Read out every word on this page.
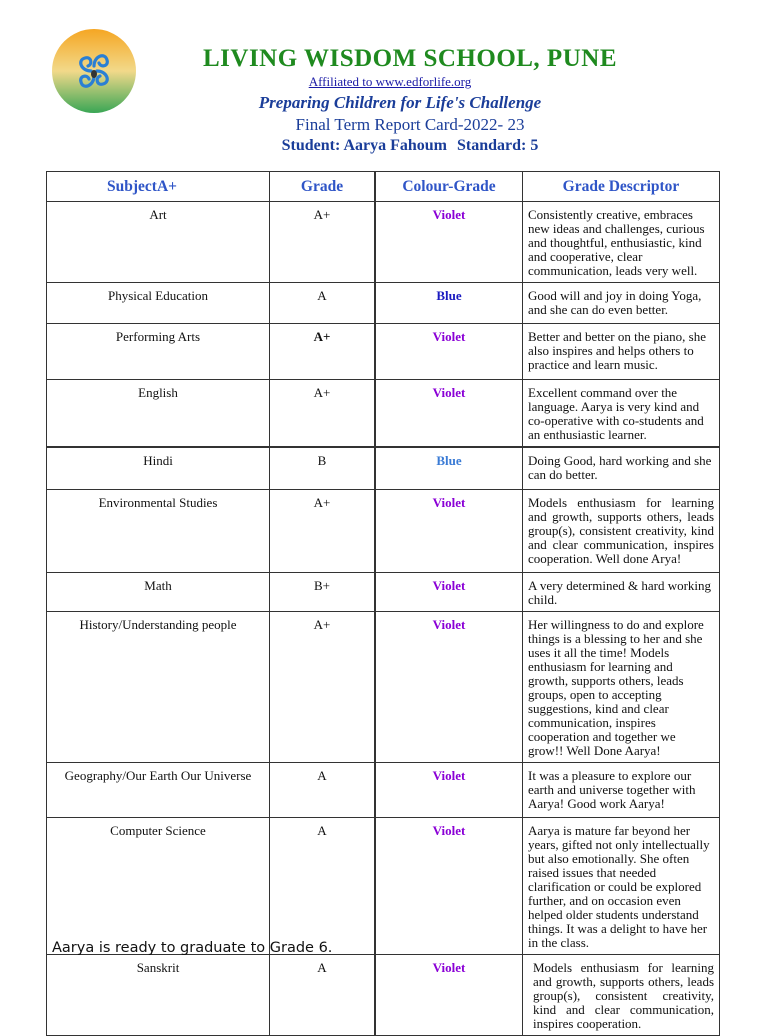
LIVING WISDOM SCHOOL, PUNE
Affiliated to www.edforlife.org
Preparing Children for Life's Challenge
Final Term Report Card-2022- 23
Student: Aarya Fahoum Standard: 5
SubjectA+	Grade	Colour-Grade	Grade Descriptor
Art	A+	Violet	Consistently creative, embraces new ideas and challenges, curious and thoughtful, enthusiastic, kind and cooperative, clear communication, leads very well.
Physical Education	A	Blue	Good will and joy in doing Yoga, and she can do even better.
Performing Arts	A+	Violet	Better and better on the piano, she also inspires and helps others to practice and learn music.
English	A+	Violet	Excellent command over the language. Aarya is very kind and co-operative with co-students and an enthusiastic learner.
Hindi	B	Blue	Doing Good, hard working and she can do better.
Environmental Studies	A+	Violet	Models enthusiasm for learning and growth, supports others, leads group(s), consistent creativity, kind and clear communication, inspires cooperation. Well done Arya!
Math	B+	Violet	A very determined & hard working child.
History/Understanding people	A+	Violet	Her willingness to do and explore things is a blessing to her and she uses it all the time! Models enthusiasm for learning and growth, supports others, leads groups, open to accepting suggestions, kind and clear communication, inspires cooperation and together we grow!! Well Done Aarya!
Geography/Our Earth Our Universe	A	Violet	It was a pleasure to explore our earth and universe together with Aarya! Good work Aarya!
Computer Science	A	Violet	Aarya is mature far beyond her years, gifted not only intellectually but also emotionally. She often raised issues that needed clarification or could be explored further, and on occasion even helped older students understand things. It was a delight to have her in the class.
Sanskrit	A	Violet	Models enthusiasm for learning and growth, supports others, leads group(s), consistent creativity, kind and clear communication, inspires cooperation.
Aarya is ready to graduate to Grade 6.
